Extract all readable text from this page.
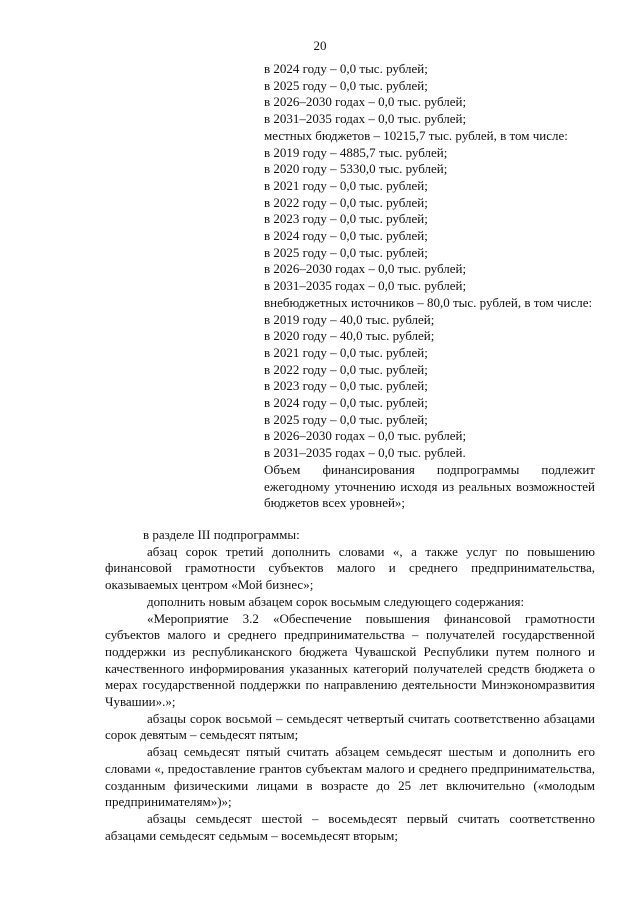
20
в 2024 году – 0,0 тыс. рублей;
в 2025 году – 0,0 тыс. рублей;
в 2026–2030 годах – 0,0 тыс. рублей;
в 2031–2035 годах – 0,0 тыс. рублей;
местных бюджетов – 10215,7 тыс. рублей, в том числе:
в 2019 году – 4885,7 тыс. рублей;
в 2020 году – 5330,0 тыс. рублей;
в 2021 году – 0,0 тыс. рублей;
в 2022 году – 0,0 тыс. рублей;
в 2023 году – 0,0 тыс. рублей;
в 2024 году – 0,0 тыс. рублей;
в 2025 году – 0,0 тыс. рублей;
в 2026–2030 годах – 0,0 тыс. рублей;
в 2031–2035 годах – 0,0 тыс. рублей;
внебюджетных источников – 80,0 тыс. рублей, в том числе:
в 2019 году – 40,0 тыс. рублей;
в 2020 году – 40,0 тыс. рублей;
в 2021 году – 0,0 тыс. рублей;
в 2022 году – 0,0 тыс. рублей;
в 2023 году – 0,0 тыс. рублей;
в 2024 году – 0,0 тыс. рублей;
в 2025 году – 0,0 тыс. рублей;
в 2026–2030 годах – 0,0 тыс. рублей;
в 2031–2035 годах – 0,0 тыс. рублей.
Объем финансирования подпрограммы подлежит ежегодному уточнению исходя из реальных возможностей бюджетов всех уровней»;

в разделе III подпрограммы:

абзац сорок третий дополнить словами «, а также услуг по повышению финансовой грамотности субъектов малого и среднего предпринимательства, оказываемых центром «Мой бизнес»;

дополнить новым абзацем сорок восьмым следующего содержания:

«Мероприятие 3.2 «Обеспечение повышения финансовой грамотности субъектов малого и среднего предпринимательства – получателей государственной поддержки из республиканского бюджета Чувашской Республики путем полного и качественного информирования указанных категорий получателей средств бюджета о мерах государственной поддержки по направлению деятельности Минэкономразвития Чувашии».»;

абзацы сорок восьмой – семьдесят четвертый считать соответственно абзацами сорок девятым – семьдесят пятым;

абзац семьдесят пятый считать абзацем семьдесят шестым и дополнить его словами «, предоставление грантов субъектам малого и среднего предпринимательства, созданным физическими лицами в возрасте до 25 лет включительно («молодым предпринимателям»)»;

абзацы семьдесят шестой – восемьдесят первый считать соответственно абзацами семьдесят седьмым – восемьдесят вторым;
